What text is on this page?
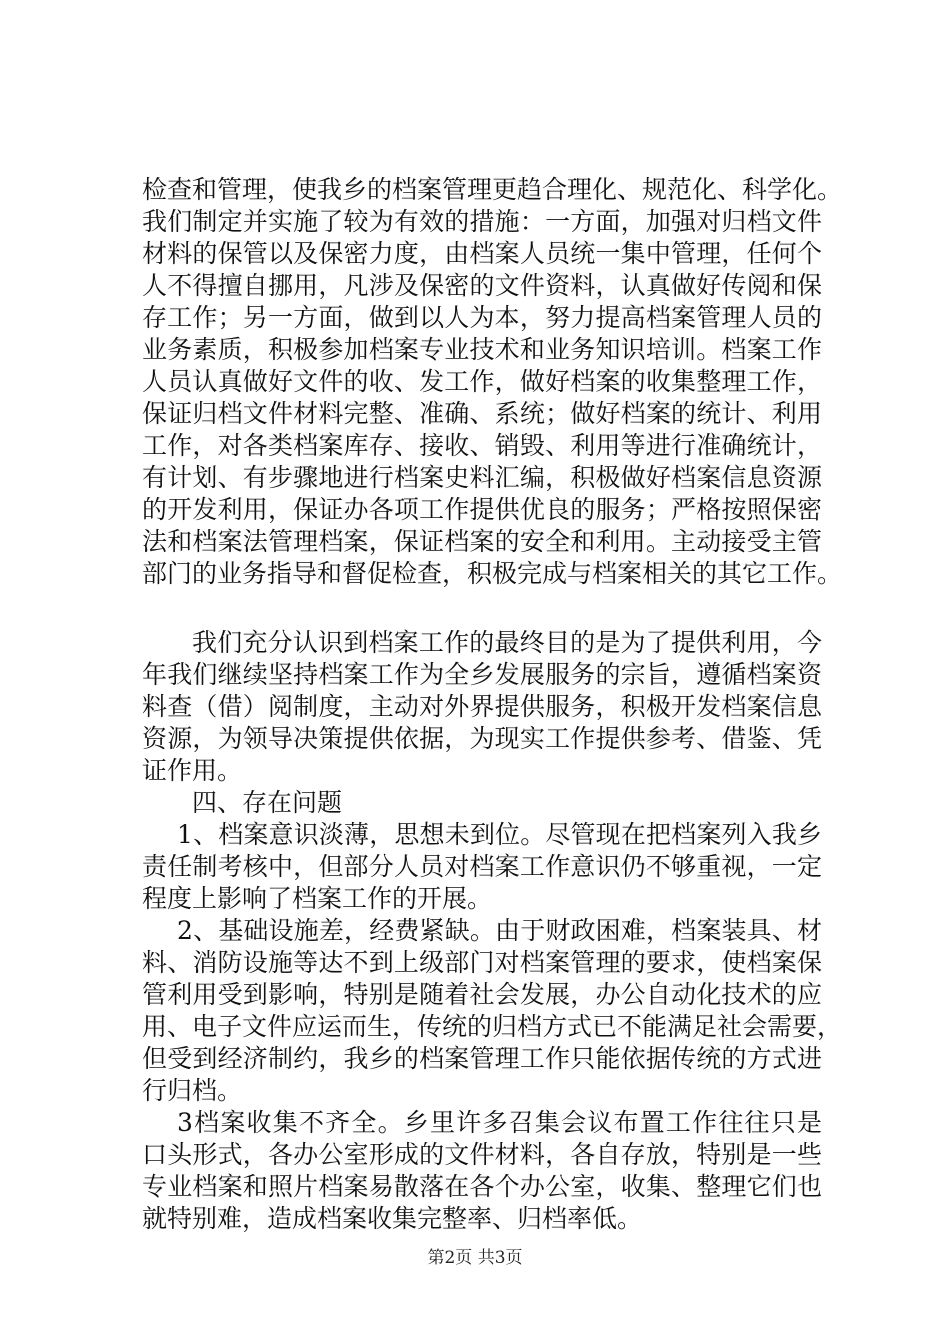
检查和管理，使我乡的档案管理更趋合理化、规范化、科学化。
我们制定并实施了较为有效的措施：一方面，加强对归档文件
材料的保管以及保密力度，由档案人员统一集中管理，任何个
人不得擅自挪用，凡涉及保密的文件资料，认真做好传阅和保
存工作；另一方面，做到以人为本，努力提高档案管理人员的
业务素质，积极参加档案专业技术和业务知识培训。档案工作
人员认真做好文件的收、发工作，做好档案的收集整理工作，
保证归档文件材料完整、准确、系统；做好档案的统计、利用
工作，对各类档案库存、接收、销毁、利用等进行准确统计，
有计划、有步骤地进行档案史料汇编，积极做好档案信息资源
的开发利用，保证办各项工作提供优良的服务；严格按照保密
法和档案法管理档案，保证档案的安全和利用。主动接受主管
部门的业务指导和督促检查，积极完成与档案相关的其它工作。
我们充分认识到档案工作的最终目的是为了提供利用，今
年我们继续坚持档案工作为全乡发展服务的宗旨，遵循档案资
料查（借）阅制度，主动对外界提供服务，积极开发档案信息
资源，为领导决策提供依据，为现实工作提供参考、借鉴、凭
证作用。
四、存在问题
1、档案意识淡薄，思想未到位。尽管现在把档案列入我乡
责任制考核中，但部分人员对档案工作意识仍不够重视，一定
程度上影响了档案工作的开展。
2、基础设施差，经费紧缺。由于财政困难，档案装具、材
料、消防设施等达不到上级部门对档案管理的要求，使档案保
管利用受到影响，特别是随着社会发展，办公自动化技术的应
用、电子文件应运而生，传统的归档方式已不能满足社会需要，
但受到经济制约，我乡的档案管理工作只能依据传统的方式进
行归档。
3档案收集不齐全。乡里许多召集会议布置工作往往只是
口头形式，各办公室形成的文件材料，各自存放，特别是一些
专业档案和照片档案易散落在各个办公室，收集、整理它们也
就特别难，造成档案收集完整率、归档率低。
第2页 共3页
